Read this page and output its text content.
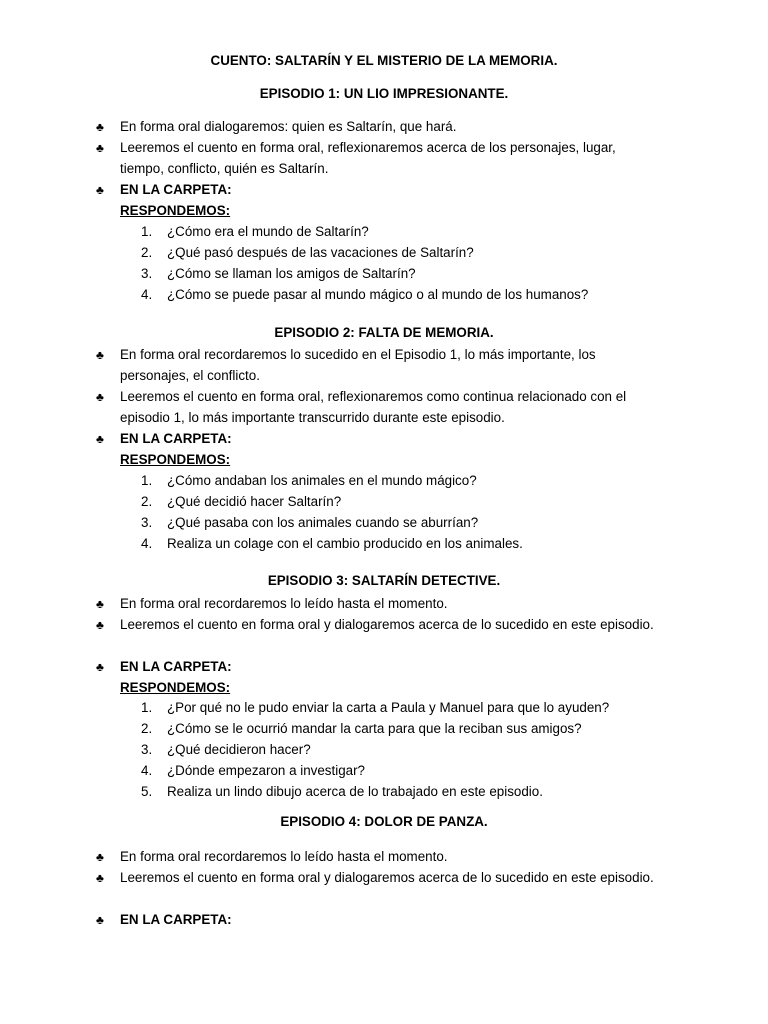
CUENTO: SALTARÍN Y EL MISTERIO DE LA MEMORIA.
EPISODIO 1: UN LIO IMPRESIONANTE.
♣ En forma oral dialogaremos: quien es Saltarín, que hará.
♣ Leeremos el cuento en forma oral, reflexionaremos acerca de los personajes, lugar, tiempo, conflicto, quién es Saltarín.
♣ EN LA CARPETA:
RESPONDEMOS:
1. ¿Cómo era el mundo de Saltarín?
2. ¿Qué pasó después de las vacaciones de Saltarín?
3. ¿Cómo se llaman los amigos de Saltarín?
4. ¿Cómo se puede pasar al mundo mágico o al mundo de los humanos?
EPISODIO 2: FALTA DE MEMORIA.
♣ En forma oral recordaremos lo sucedido en el Episodio 1, lo más importante, los personajes, el conflicto.
♣ Leeremos el cuento en forma oral, reflexionaremos como continua relacionado con el episodio 1, lo más importante transcurrido durante este episodio.
♣ EN LA CARPETA:
RESPONDEMOS:
1. ¿Cómo andaban los animales en el mundo mágico?
2. ¿Qué decidió hacer Saltarín?
3. ¿Qué pasaba con los animales cuando se aburrían?
4. Realiza un colage con el cambio producido en los animales.
EPISODIO 3: SALTARÍN DETECTIVE.
♣ En forma oral recordaremos lo leído hasta el momento.
♣ Leeremos el cuento en forma oral y dialogaremos acerca de lo sucedido en este episodio.
♣ EN LA CARPETA:
RESPONDEMOS:
1. ¿Por qué no le pudo enviar la carta a Paula y Manuel para que lo ayuden?
2. ¿Cómo se le ocurrió mandar la carta para que la reciban sus amigos?
3. ¿Qué decidieron hacer?
4. ¿Dónde empezaron a investigar?
5. Realiza un lindo dibujo acerca de lo trabajado en este episodio.
EPISODIO 4: DOLOR DE PANZA.
♣ En forma oral recordaremos lo leído hasta el momento.
♣ Leeremos el cuento en forma oral y dialogaremos acerca de lo sucedido en este episodio.
♣ EN LA CARPETA:
